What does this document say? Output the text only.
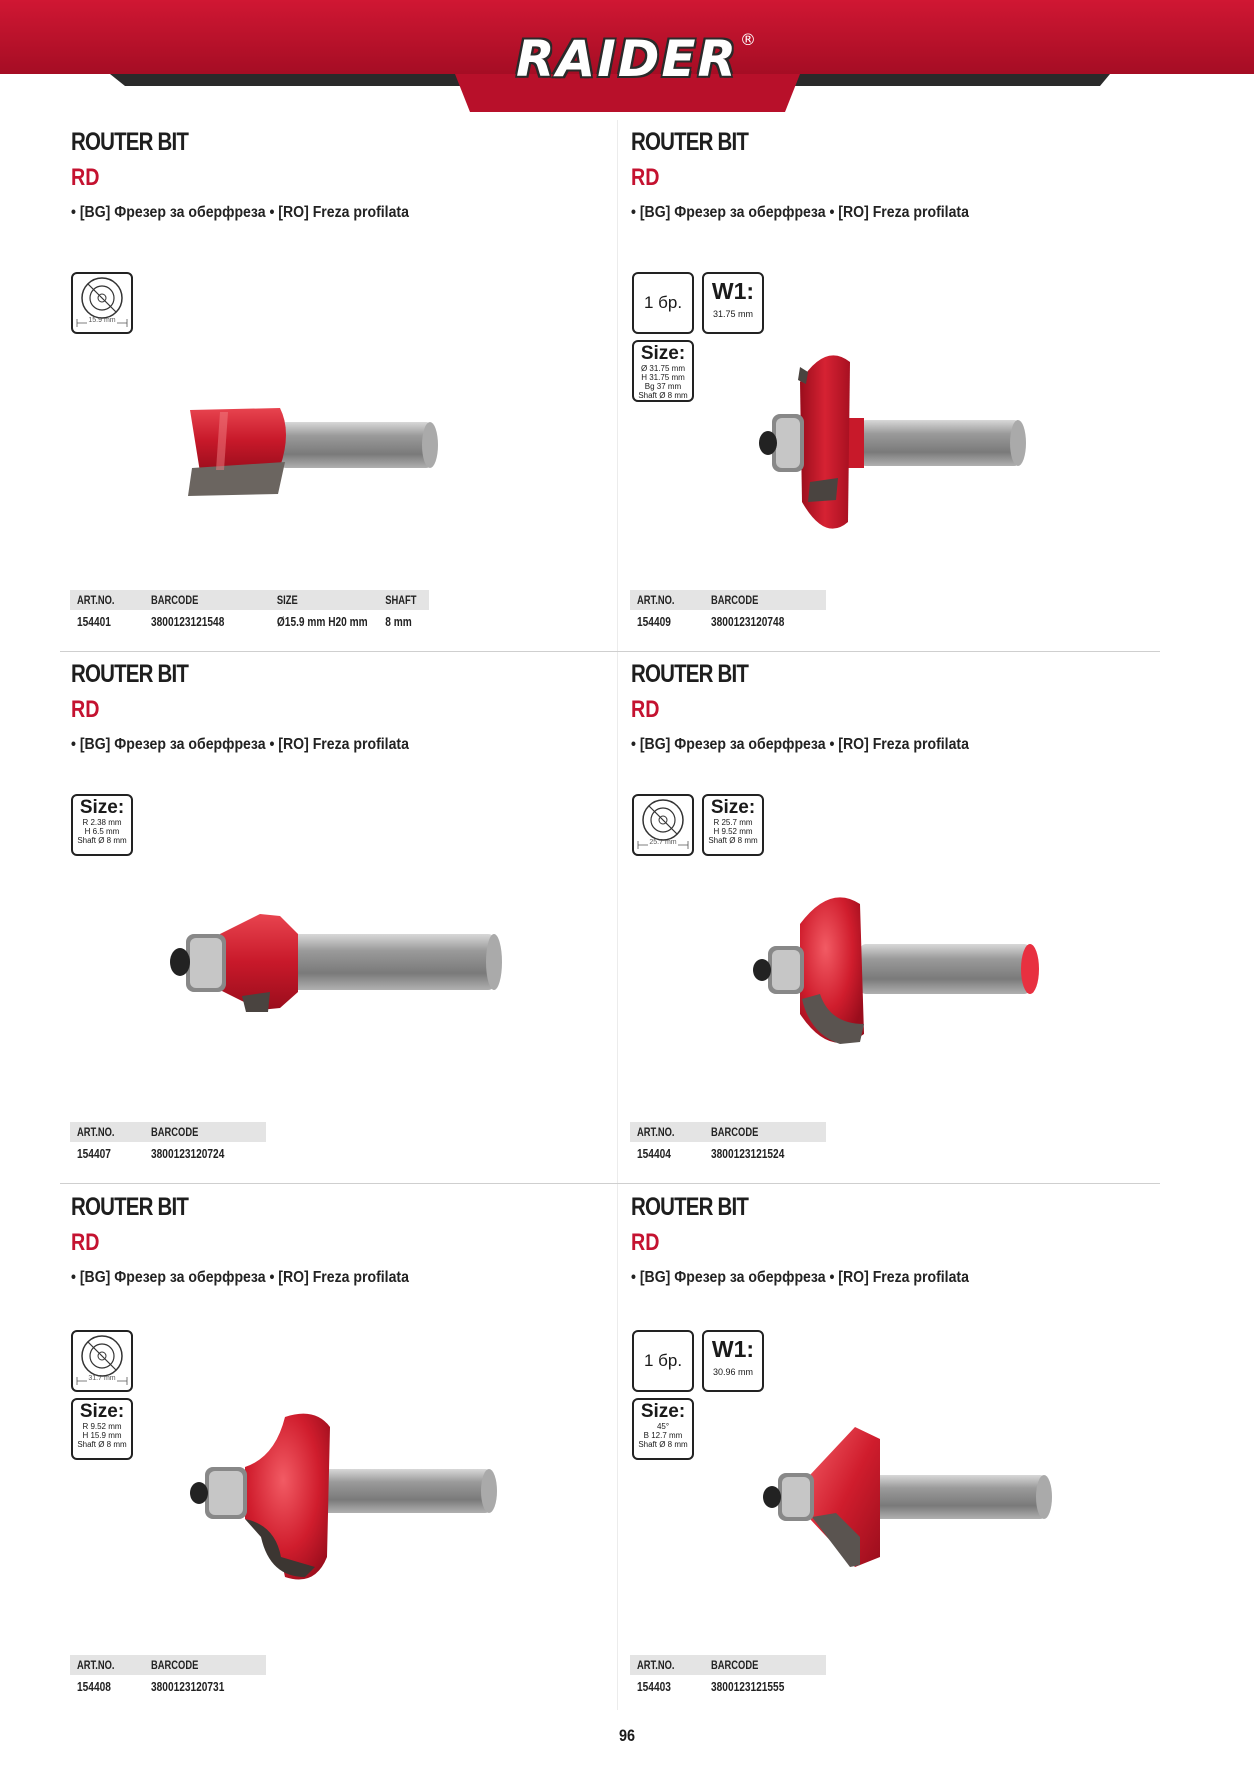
RAIDER ®
ROUTER BIT
RD
• [BG] Фрезер за оберфреза • [RO] Freza profilata
15.9 mm
ART.NO.	BARCODE	SIZE	SHAFT
154401	3800123121548	Ø15.9 mm H20 mm	8 mm
ROUTER BIT
RD
• [BG] Фрезер за оберфреза • [RO] Freza profilata
1 бр.	W1:
31.75 mm
Size:
Ø 31.75 mm
H 31.75 mm
Bg 37 mm
Shaft Ø 8 mm
ART.NO.	BARCODE
154409	3800123120748
ROUTER BIT
RD
• [BG] Фрезер за оберфреза • [RO] Freza profilata
Size:
R 2.38 mm
H 6.5 mm
Shaft Ø 8 mm
ART.NO.	BARCODE
154407	3800123120724
ROUTER BIT
RD
• [BG] Фрезер за оберфреза • [RO] Freza profilata
25.7 mm
Size:
R 25.7 mm
H 9.52 mm
Shaft Ø 8 mm
ART.NO.	BARCODE
154404	3800123121524
ROUTER BIT
RD
• [BG] Фрезер за оберфреза • [RO] Freza profilata
31.7 mm
Size:
R 9.52 mm
H 15.9 mm
Shaft Ø 8 mm
ART.NO.	BARCODE
154408	3800123120731
ROUTER BIT
RD
• [BG] Фрезер за оберфреза • [RO] Freza profilata
1 бр.	W1:
30.96 mm
Size:
45°
B 12.7 mm
Shaft Ø 8 mm
ART.NO.	BARCODE
154403	3800123121555
96
